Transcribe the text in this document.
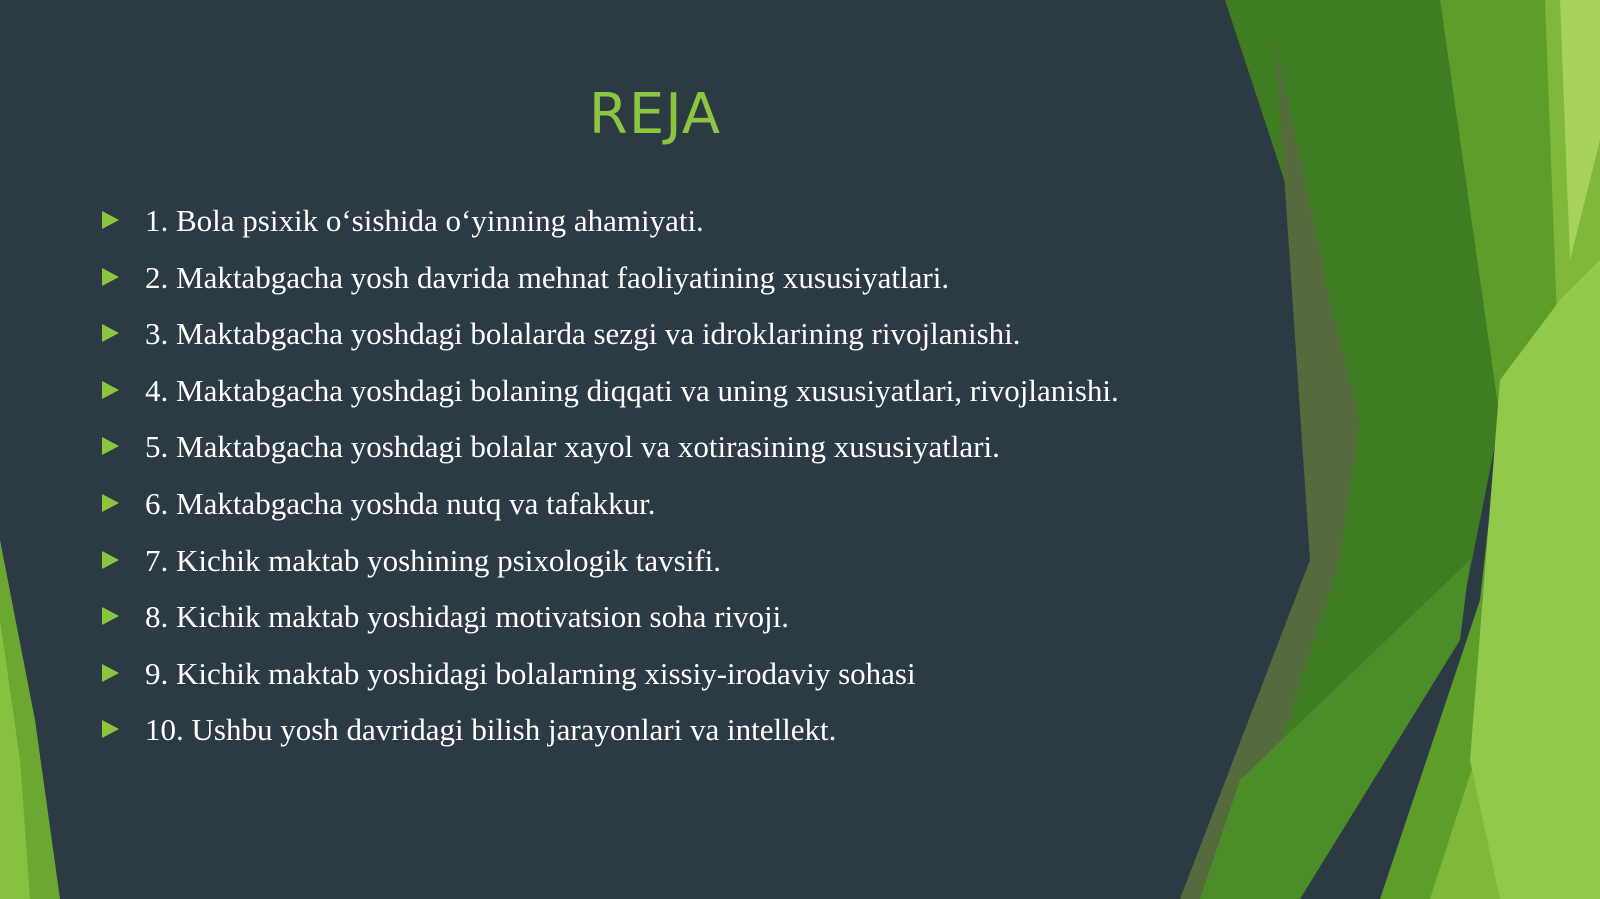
REJA
1. Bola psixik o‘sishida o‘yinning ahamiyati.
2. Maktabgacha yosh davrida mehnat faoliyatining xususiyatlari.
3. Maktabgacha yoshdagi bolalarda sezgi va idroklarining rivojlanishi.
4. Maktabgacha yoshdagi bolaning diqqati va uning xususiyatlari, rivojlanishi.
5. Maktabgacha yoshdagi bolalar xayol va xotirasining xususiyatlari.
6. Maktabgacha yoshda nutq va tafakkur.
7. Kichik maktab yoshining psixologik tavsifi.
8. Kichik maktab yoshidagi motivatsion soha rivoji.
9. Kichik maktab yoshidagi bolalarning xissiy-irodaviy sohasi
10. Ushbu yosh davridagi bilish jarayonlari va intellekt.
